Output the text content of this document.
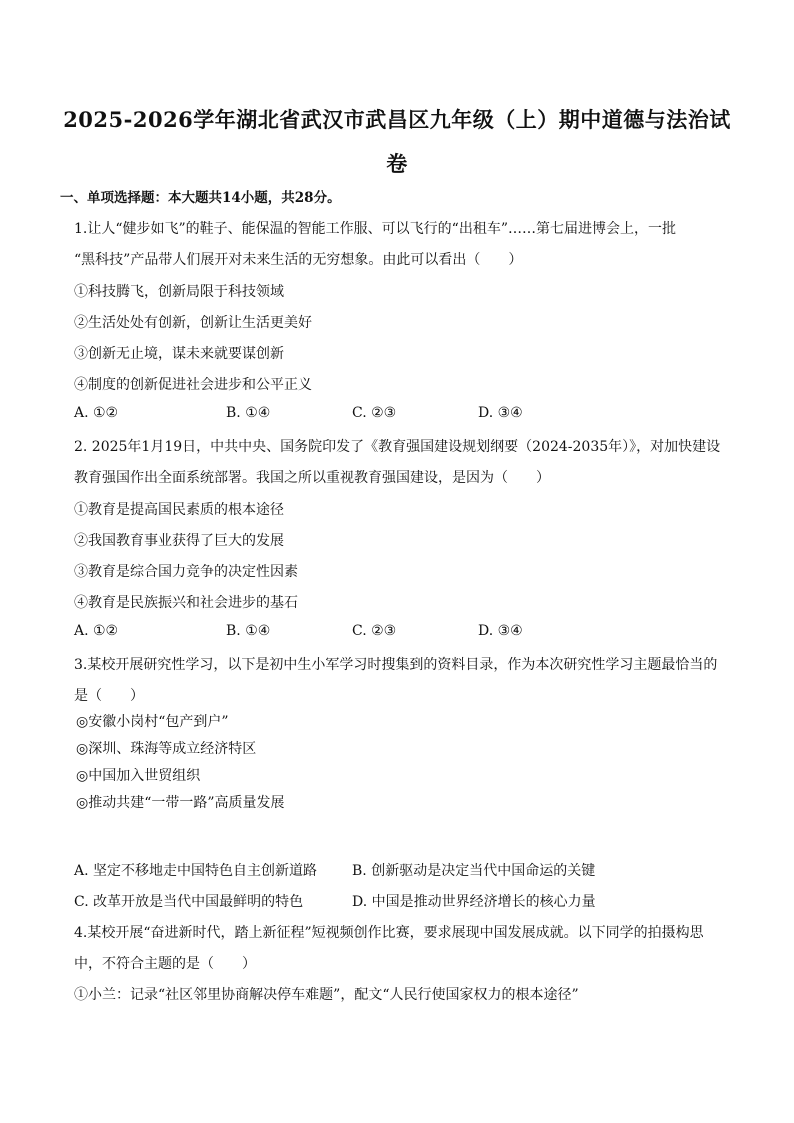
2025-2026学年湖北省武汉市武昌区九年级（上）期中道德与法治试
卷
一、单项选择题：本大题共14小题，共28分。
1.让人“健步如飞”的鞋子、能保温的智能工作服、可以飞行的“出租车”……第七届进博会上，一批
“黑科技”产品带人们展开对未来生活的无穷想象。由此可以看出（　　）
①科技腾飞，创新局限于科技领域
②生活处处有创新，创新让生活更美好
③创新无止境，谋未来就要谋创新
④制度的创新促进社会进步和公平正义
A. ①②	B. ①④	C. ②③	D. ③④
2. 2025年1月19日，中共中央、国务院印发了《教育强国建设规划纲要（2024-2035年）》，对加快建设
教育强国作出全面系统部署。我国之所以重视教育强国建设，是因为（　　）
①教育是提高国民素质的根本途径
②我国教育事业获得了巨大的发展
③教育是综合国力竞争的决定性因素
④教育是民族振兴和社会进步的基石
A. ①②	B. ①④	C. ②③	D. ③④
3.某校开展研究性学习，以下是初中生小军学习时搜集到的资料目录，作为本次研究性学习主题最恰当的
是（　　）
◎安徽小岗村“包产到户”
◎深圳、珠海等成立经济特区
◎中国加入世贸组织
◎推动共建“一带一路”高质量发展
A. 坚定不移地走中国特色自主创新道路 B. 创新驱动是决定当代中国命运的关键
C. 改革开放是当代中国最鲜明的特色	D. 中国是推动世界经济增长的核心力量
4.某校开展“奋进新时代，踏上新征程”短视频创作比赛，要求展现中国发展成就。以下同学的拍摄构思
中，不符合主题的是（　　）
①小兰：记录“社区邻里协商解决停车难题”，配文“人民行使国家权力的根本途径”
